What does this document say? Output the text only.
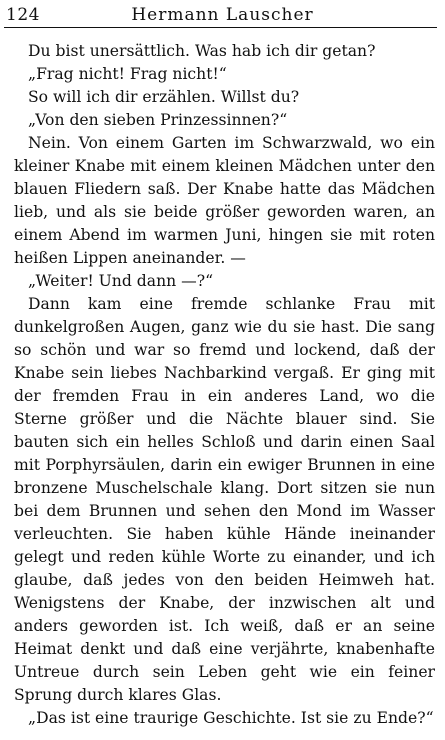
124	Hermann Lauscher

Du bist unersättlich. Was hab ich dir getan?

„Frag nicht! Frag nicht!“

So will ich dir erzählen. Willst du?

„Von den sieben Prinzessinnen?“

Nein. Von einem Garten im Schwarzwald, wo ein kleiner Knabe mit einem kleinen Mädchen unter den blauen Fliedern saß. Der Knabe hatte das Mädchen lieb, und als sie beide größer geworden waren, an einem Abend im warmen Juni, hingen sie mit roten heißen Lippen aneinander. —

„Weiter! Und dann —?“

Dann kam eine fremde schlanke Frau mit dunkelgroßen Augen, ganz wie du sie hast. Die sang so schön und war so fremd und lockend, daß der Knabe sein liebes Nachbarkind vergaß. Er ging mit der fremden Frau in ein anderes Land, wo die Sterne größer und die Nächte blauer sind. Sie bauten sich ein helles Schloß und darin einen Saal mit Porphyrsäulen, darin ein ewiger Brunnen in eine bronzene Muschelschale klang. Dort sitzen sie nun bei dem Brunnen und sehen den Mond im Wasser verleuchten. Sie haben kühle Hände ineinander gelegt und reden kühle Worte zu einander, und ich glaube, daß jedes von den beiden Heimweh hat. Wenigstens der Knabe, der inzwischen alt und anders geworden ist. Ich weiß, daß er an seine Heimat denkt und daß eine verjährte, knabenhafte Untreue durch sein Leben geht wie ein feiner Sprung durch klares Glas.

„Das ist eine traurige Geschichte. Ist sie zu Ende?“
